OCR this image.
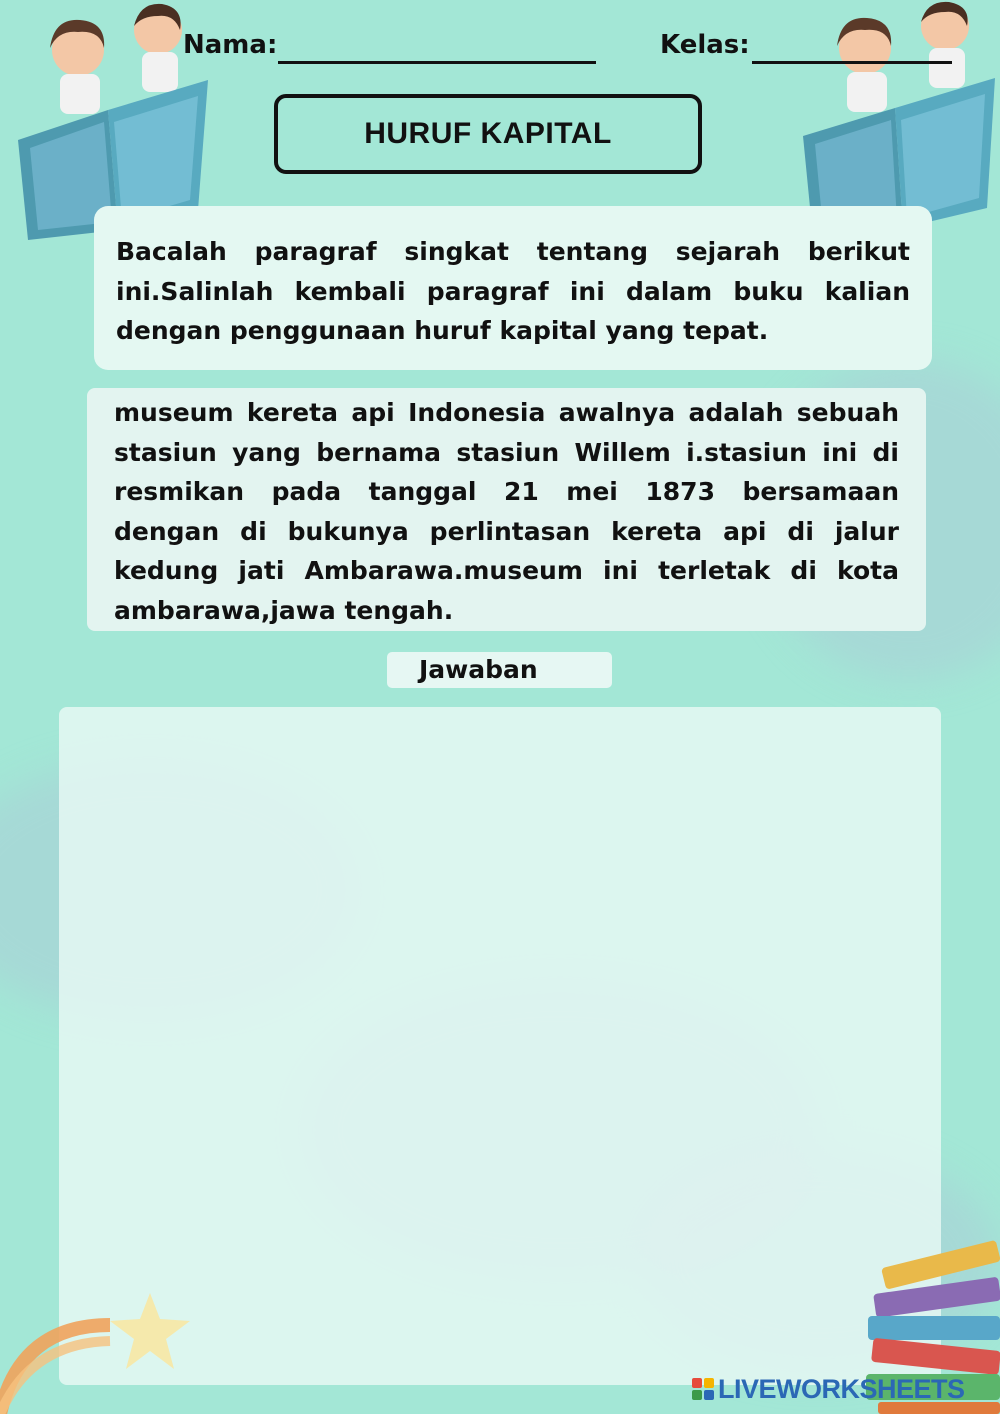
Nama:	Kelas:
HURUF KAPITAL
Bacalah paragraf singkat tentang sejarah berikut ini.Salinlah kembali paragraf ini dalam buku kalian dengan penggunaan huruf kapital yang tepat.
museum kereta api Indonesia awalnya adalah sebuah stasiun yang bernama stasiun Willem i.stasiun ini di resmikan pada tanggal 21 mei 1873 bersamaan dengan di bukunya perlintasan kereta api di jalur kedung jati Ambarawa.museum ini terletak di kota ambarawa,jawa tengah.
Jawaban
LIVEWORKSHEETS
